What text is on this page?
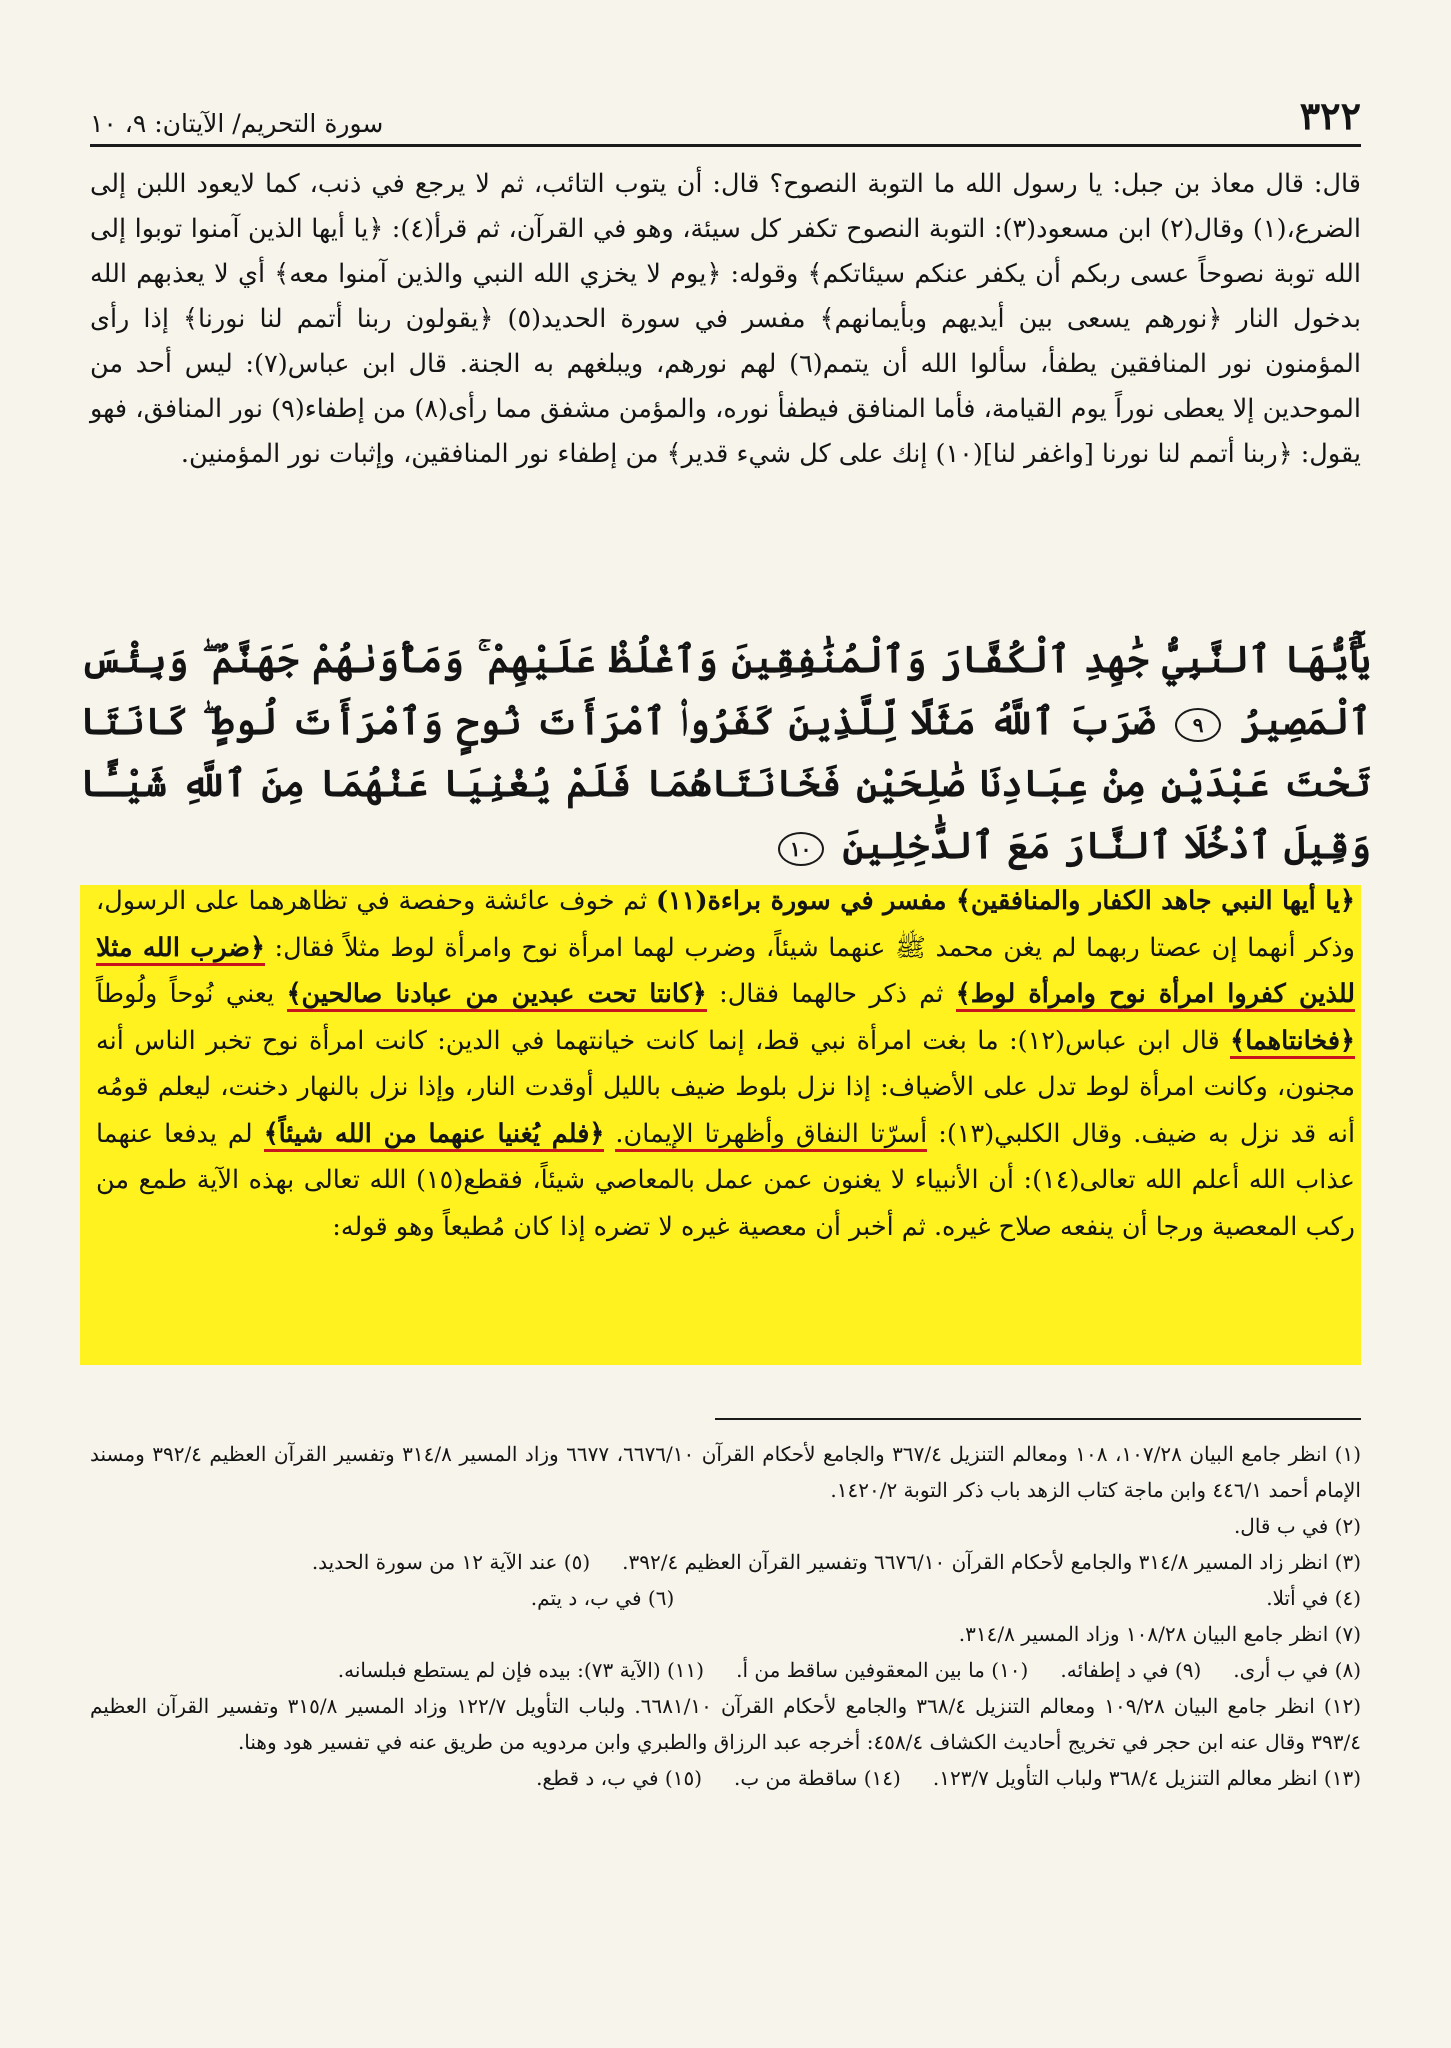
٣٢٢
سورة التحريم/ الآيتان: ٩، ١٠

قال: قال معاذ بن جبل: يا رسول الله ما التوبة النصوح؟ قال: أن يتوب التائب، ثم لا يرجع في ذنب، كما لايعود اللبن إلى الضرع،(١) وقال(٢) ابن مسعود(٣): التوبة النصوح تكفر كل سيئة، وهو في القرآن، ثم قرأ(٤): ﴿يا أيها الذين آمنوا توبوا إلى الله توبة نصوحاً عسى ربكم أن يكفر عنكم سيئاتكم﴾ وقوله: ﴿يوم لا يخزي الله النبي والذين آمنوا معه﴾ أي لا يعذبهم الله بدخول النار ﴿نورهم يسعى بين أيديهم وبأيمانهم﴾ مفسر في سورة الحديد(٥) ﴿يقولون ربنا أتمم لنا نورنا﴾ إذا رأى المؤمنون نور المنافقين يطفأ، سألوا الله أن يتمم(٦) لهم نورهم، ويبلغهم به الجنة. قال ابن عباس(٧): ليس أحد من الموحدين إلا يعطى نوراً يوم القيامة، فأما المنافق فيطفأ نوره، والمؤمن مشفق مما رأى(٨) من إطفاء(٩) نور المنافق، فهو يقول: ﴿ربنا أتمم لنا نورنا [واغفر لنا](١٠) إنك على كل شيء قدير﴾ من إطفاء نور المنافقين، وإثبات نور المؤمنين.

يَٰٓأَيُّهَا ٱلنَّبِيُّ جَٰهِدِ ٱلْكُفَّارَ وَٱلْمُنَٰفِقِينَ وَٱغْلُظْ عَلَيْهِمْ ۚ وَمَأْوَىٰهُمْ جَهَنَّمُ ۖ وَبِئْسَ ٱلْمَصِيرُ ٩ ضَرَبَ ٱللَّهُ مَثَلًا لِّلَّذِينَ كَفَرُوا۟ ٱمْرَأَتَ نُوحٍ وَٱمْرَأَتَ لُوطٍ ۖ كَانَتَا تَحْتَ عَبْدَيْنِ مِنْ عِبَادِنَا صَٰلِحَيْنِ فَخَانَتَاهُمَا فَلَمْ يُغْنِيَا عَنْهُمَا مِنَ ٱللَّهِ شَيْـًٔا وَقِيلَ ٱدْخُلَا ٱلنَّارَ مَعَ ٱلدَّٰخِلِينَ ١٠

﴿يا أيها النبي جاهد الكفار والمنافقين﴾ مفسر في سورة براءة(١١) ثم خوف عائشة وحفصة في تظاهرهما على الرسول، وذكر أنهما إن عصتا ربهما لم يغن محمد ﷺ عنهما شيئاً، وضرب لهما امرأة نوح وامرأة لوط مثلاً فقال: ﴿ضرب الله مثلا للذين كفروا امرأة نوح وامرأة لوط﴾ ثم ذكر حالهما فقال: ﴿كانتا تحت عبدين من عبادنا صالحين﴾ يعني نُوحاً ولُوطاً ﴿فخانتاهما﴾ قال ابن عباس(١٢): ما بغت امرأة نبي قط، إنما كانت خيانتهما في الدين: كانت امرأة نوح تخبر الناس أنه مجنون، وكانت امرأة لوط تدل على الأضياف: إذا نزل بلوط ضيف بالليل أوقدت النار، وإذا نزل بالنهار دخنت، ليعلم قومُه أنه قد نزل به ضيف. وقال الكلبي(١٣): أسرّتا النفاق وأظهرتا الإيمان. ﴿فلم يُغنيا عنهما من الله شيئاً﴾ لم يدفعا عنهما عذاب الله أعلم الله تعالى(١٤): أن الأنبياء لا يغنون عمن عمل بالمعاصي شيئاً، فقطع(١٥) الله تعالى بهذه الآية طمع من ركب المعصية ورجا أن ينفعه صلاح غيره. ثم أخبر أن معصية غيره لا تضره إذا كان مُطيعاً وهو قوله:

(١) انظر جامع البيان ١٠٧/٢٨، ١٠٨ ومعالم التنزيل ٣٦٧/٤ والجامع لأحكام القرآن ٦٦٧٦/١٠، ٦٦٧٧ وزاد المسير ٣١٤/٨ وتفسير القرآن العظيم ٣٩٢/٤ ومسند الإمام أحمد ٤٤٦/١ وابن ماجة كتاب الزهد باب ذكر التوبة ١٤٢٠/٢.

(٢) في ب قال.

(٣) انظر زاد المسير ٣١٤/٨ والجامع لأحكام القرآن ٦٦٧٦/١٠ وتفسير القرآن العظيم ٣٩٢/٤.
(٥) عند الآية ١٢ من سورة الحديد.
(٤) في أتلا.
(٦) في ب، د يتم.

(٧) انظر جامع البيان ١٠٨/٢٨ وزاد المسير ٣١٤/٨.

(٨) في ب أرى.
(٩) في د إطفائه.
(١٠) ما بين المعقوفين ساقط من أ.
(١١) (الآية ٧٣): بيده فإن لم يستطع فبلسانه.

(١٢) انظر جامع البيان ١٠٩/٢٨ ومعالم التنزيل ٣٦٨/٤ والجامع لأحكام القرآن ٦٦٨١/١٠. ولباب التأويل ١٢٢/٧ وزاد المسير ٣١٥/٨ وتفسير القرآن العظيم ٣٩٣/٤ وقال عنه ابن حجر في تخريج أحاديث الكشاف ٤٥٨/٤: أخرجه عبد الرزاق والطبري وابن مردويه من طريق عنه في تفسير هود وهنا.

(١٣) انظر معالم التنزيل ٣٦٨/٤ ولباب التأويل ١٢٣/٧.
(١٤) ساقطة من ب.
(١٥) في ب، د قطع.
